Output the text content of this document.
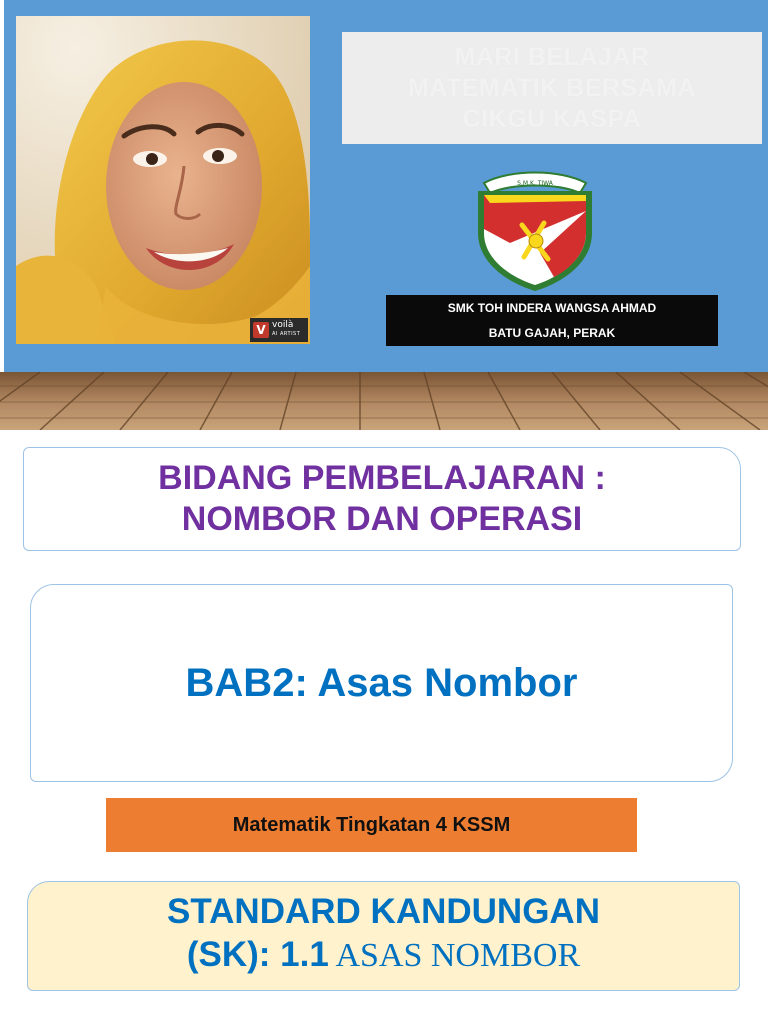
V voilà
AI ARTIST
MARI BELAJAR
MATEMATIK BERSAMA
CIKGU KASPA
S.M.K. TIWA
SMK TOH INDERA WANGSA AHMAD
BATU GAJAH, PERAK
BIDANG PEMBELAJARAN :
NOMBOR DAN OPERASI
BAB2: Asas Nombor
Matematik Tingkatan 4 KSSM
STANDARD KANDUNGAN
(SK): 1.1 ASAS NOMBOR
